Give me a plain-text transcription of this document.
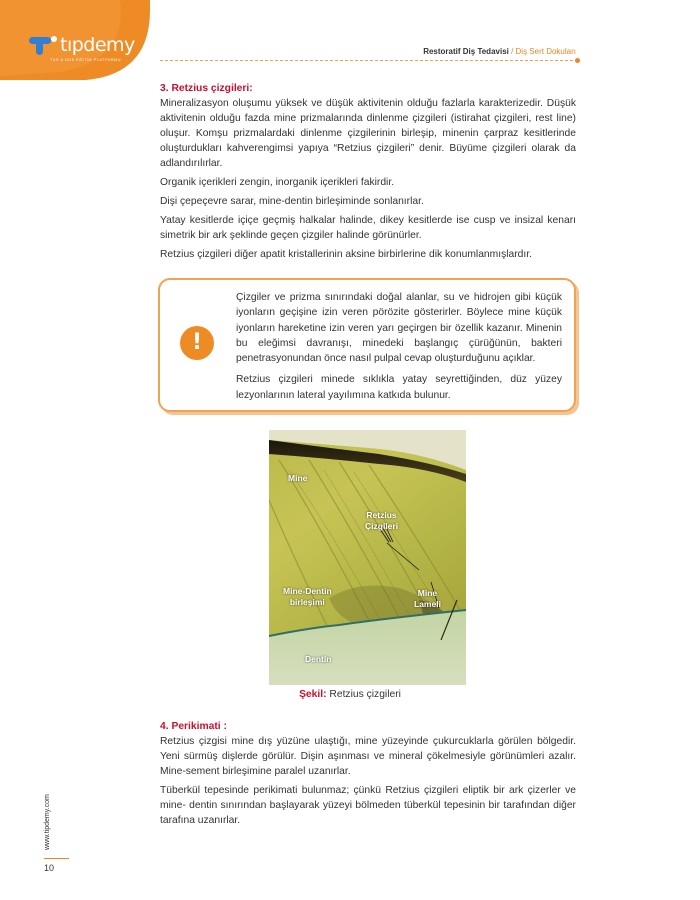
tıpdemy
TUS & DUS EĞİTİM PLATFORMU
Restoratif Diş Tedavisi / Diş Sert Dokuları
3. Retzius çizgileri:

Mineralizasyon oluşumu yüksek ve düşük aktivitenin olduğu fazlarla karakterizedir. Düşük aktivitenin olduğu fazda mine prizmalarında dinlenme çizgileri (istirahat çizgileri, rest line) oluşur. Komşu prizmalardaki dinlenme çizgilerinin birleşip, minenin çarpraz kesitlerinde oluşturdukları kahverengimsi yapıya “Retzius çizgileri” denir. Büyüme çizgileri olarak da adlandırılırlar.

Organik içerikleri zengin, inorganik içerikleri fakirdir.

Dişi çepeçevre sarar, mine-dentin birleşiminde sonlanırlar.

Yatay kesitlerde içiçe geçmiş halkalar halinde, dikey kesitlerde ise cusp ve insizal kenarı simetrik bir ark şeklinde geçen çizgiler halinde görünürler.

Retzius çizgileri diğer apatit kristallerinin aksine birbirlerine dik konumlanmışlardır.

!

Çizgiler ve prizma sınırındaki doğal alanlar, su ve hidrojen gibi küçük iyonların geçişine izin veren pörözite gösterirler. Böylece mine küçük iyonların hareketine izin veren yarı geçirgen bir özellik kazanır. Minenin bu eleğimsi davranışı, minedeki başlangıç çürüğünün, bakteri penetrasyonundan önce nasıl pulpal cevap oluşturduğunu açıklar.

Retzius çizgileri minede sıklıkla yatay seyrettiğinden, düz yüzey lezyonlarının lateral yayılımına katkıda bulunur.

Mine
Retzius
Çizgileri
Mine-Dentin
birleşimi
Mine
Lameli
Dentin
Şekil: Retzius çizgileri
4. Perikimati :

Retzius çizgisi mine dış yüzüne ulaştığı, mine yüzeyinde çukurcuklarla görülen bölgedir. Yeni sürmüş dişlerde görülür. Dişin aşınması ve mineral çökelmesiyle görünümleri azalır. Mine-sement birleşimine paralel uzanırlar.

Tüberkül tepesinde perikimati bulunmaz; çünkü Retzius çizgileri eliptik bir ark çizerler ve mine- dentin sınırından başlayarak yüzeyi bölmeden tüberkül tepesinin bir tarafından diğer tarafına uzanırlar.

www.tipdemy.com
10
